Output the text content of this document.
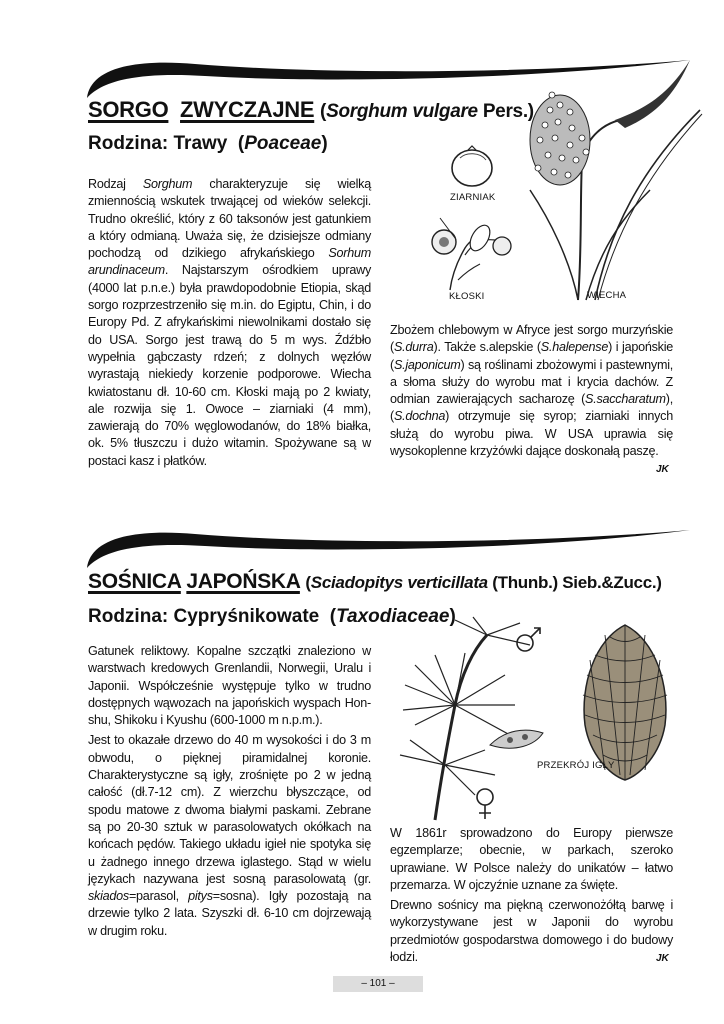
SORGO ZWYCZAJNE (Sorghum vulgare Pers.)
Rodzina: Trawy  (Poaceae)

Rodzaj Sorghum charakteryzuje się wielką zmiennością wskutek trwającej od wieków selekcji. Trudno określić, który z 60 taksonów jest gatunkiem a który odmianą. Uważa się, że dzisiejsze odmiany pochodzą od dzikiego afrykańskiego Sorhum arundinaceum. Najstarszym ośrodkiem uprawy (4000 lat p.n.e.) była prawdopodobnie Etiopia, skąd sorgo rozprzestrzeniło się m.in. do Egiptu, Chin, i do Europy Pd. Z afrykańskimi niewolnikami dostało się do USA. Sorgo jest trawą do 5 m wys. Źdźbło wypełnia gąbczasty rdzeń; z dolnych węzłów wyrastają niekiedy korzenie podporowe. Wiecha kwiatostanu dł. 10-60 cm. Kłoski mają po 2 kwiaty, ale rozwija się 1. Owoce – ziarniaki (4 mm), zawierają do 70% węglowodanów, do 18% białka, ok. 5% tłuszczu i dużo witamin. Spożywane są w postaci kasz i płatków.

ZIARNIAK
KŁOSKI	WIECHA

Zbożem chlebowym w Afryce jest sorgo murzyńskie (S.durra). Także s.alepskie (S.halepense) i japońskie (S.japonicum) są roślinami zbożowymi i pastewnymi, a słoma służy do wyrobu mat i krycia dachów. Z odmian zawierających sacharozę (S.saccharatum), (S.dochna) otrzymuje się syrop; ziarniaki innych służą do wyrobu piwa. W USA uprawia się wysokoplenne krzyżówki dające doskonałą paszę.

JK
SOŚNICA JAPOŃSKA (Sciadopitys verticillata (Thunb.) Sieb.&Zucc.)
Rodzina: Cypryśnikowate  (Taxodiaceae)

Gatunek reliktowy. Kopalne szczątki znaleziono w warstwach kredowych Grenlandii, Norwegii, Uralu i Japonii. Współcześnie występuje tylko w trudno dostępnych wąwozach na japońskich wyspach Hon-shu, Shikoku i Kyushu (600-1000 m n.p.m.).

Jest to okazałe drzewo do 40 m wysokości i do 3 m obwodu, o pięknej piramidalnej koronie. Charakterystyczne są igły, zrośnięte po 2 w jedną całość (dł.7-12 cm). Z wierzchu błyszczące, od spodu matowe z dwoma białymi paskami. Zebrane są po 20-30 sztuk w parasolowatych okółkach na końcach pędów. Takiego układu igieł nie spotyka się u żadnego innego drzewa iglastego. Stąd w wielu językach nazywana jest sosną parasolowatą (gr. skiados=parasol, pitys=sosna). Igły pozostają na drzewie tylko 2 lata. Szyszki dł. 6-10 cm dojrzewają w drugim roku.

PRZEKRÓJ IGŁY

W 1861r sprowadzono do Europy pierwsze egzemplarze; obecnie, w parkach, szeroko uprawiane. W Polsce należy do unikatów – łatwo przemarza. W ojczyźnie uznane za święte.

Drewno sośnicy ma piękną czerwonożółtą barwę i wykorzystywane jest w Japonii do wyrobu przedmiotów gospodarstwa domowego i do budowy łodzi.	JK
– 101 –
